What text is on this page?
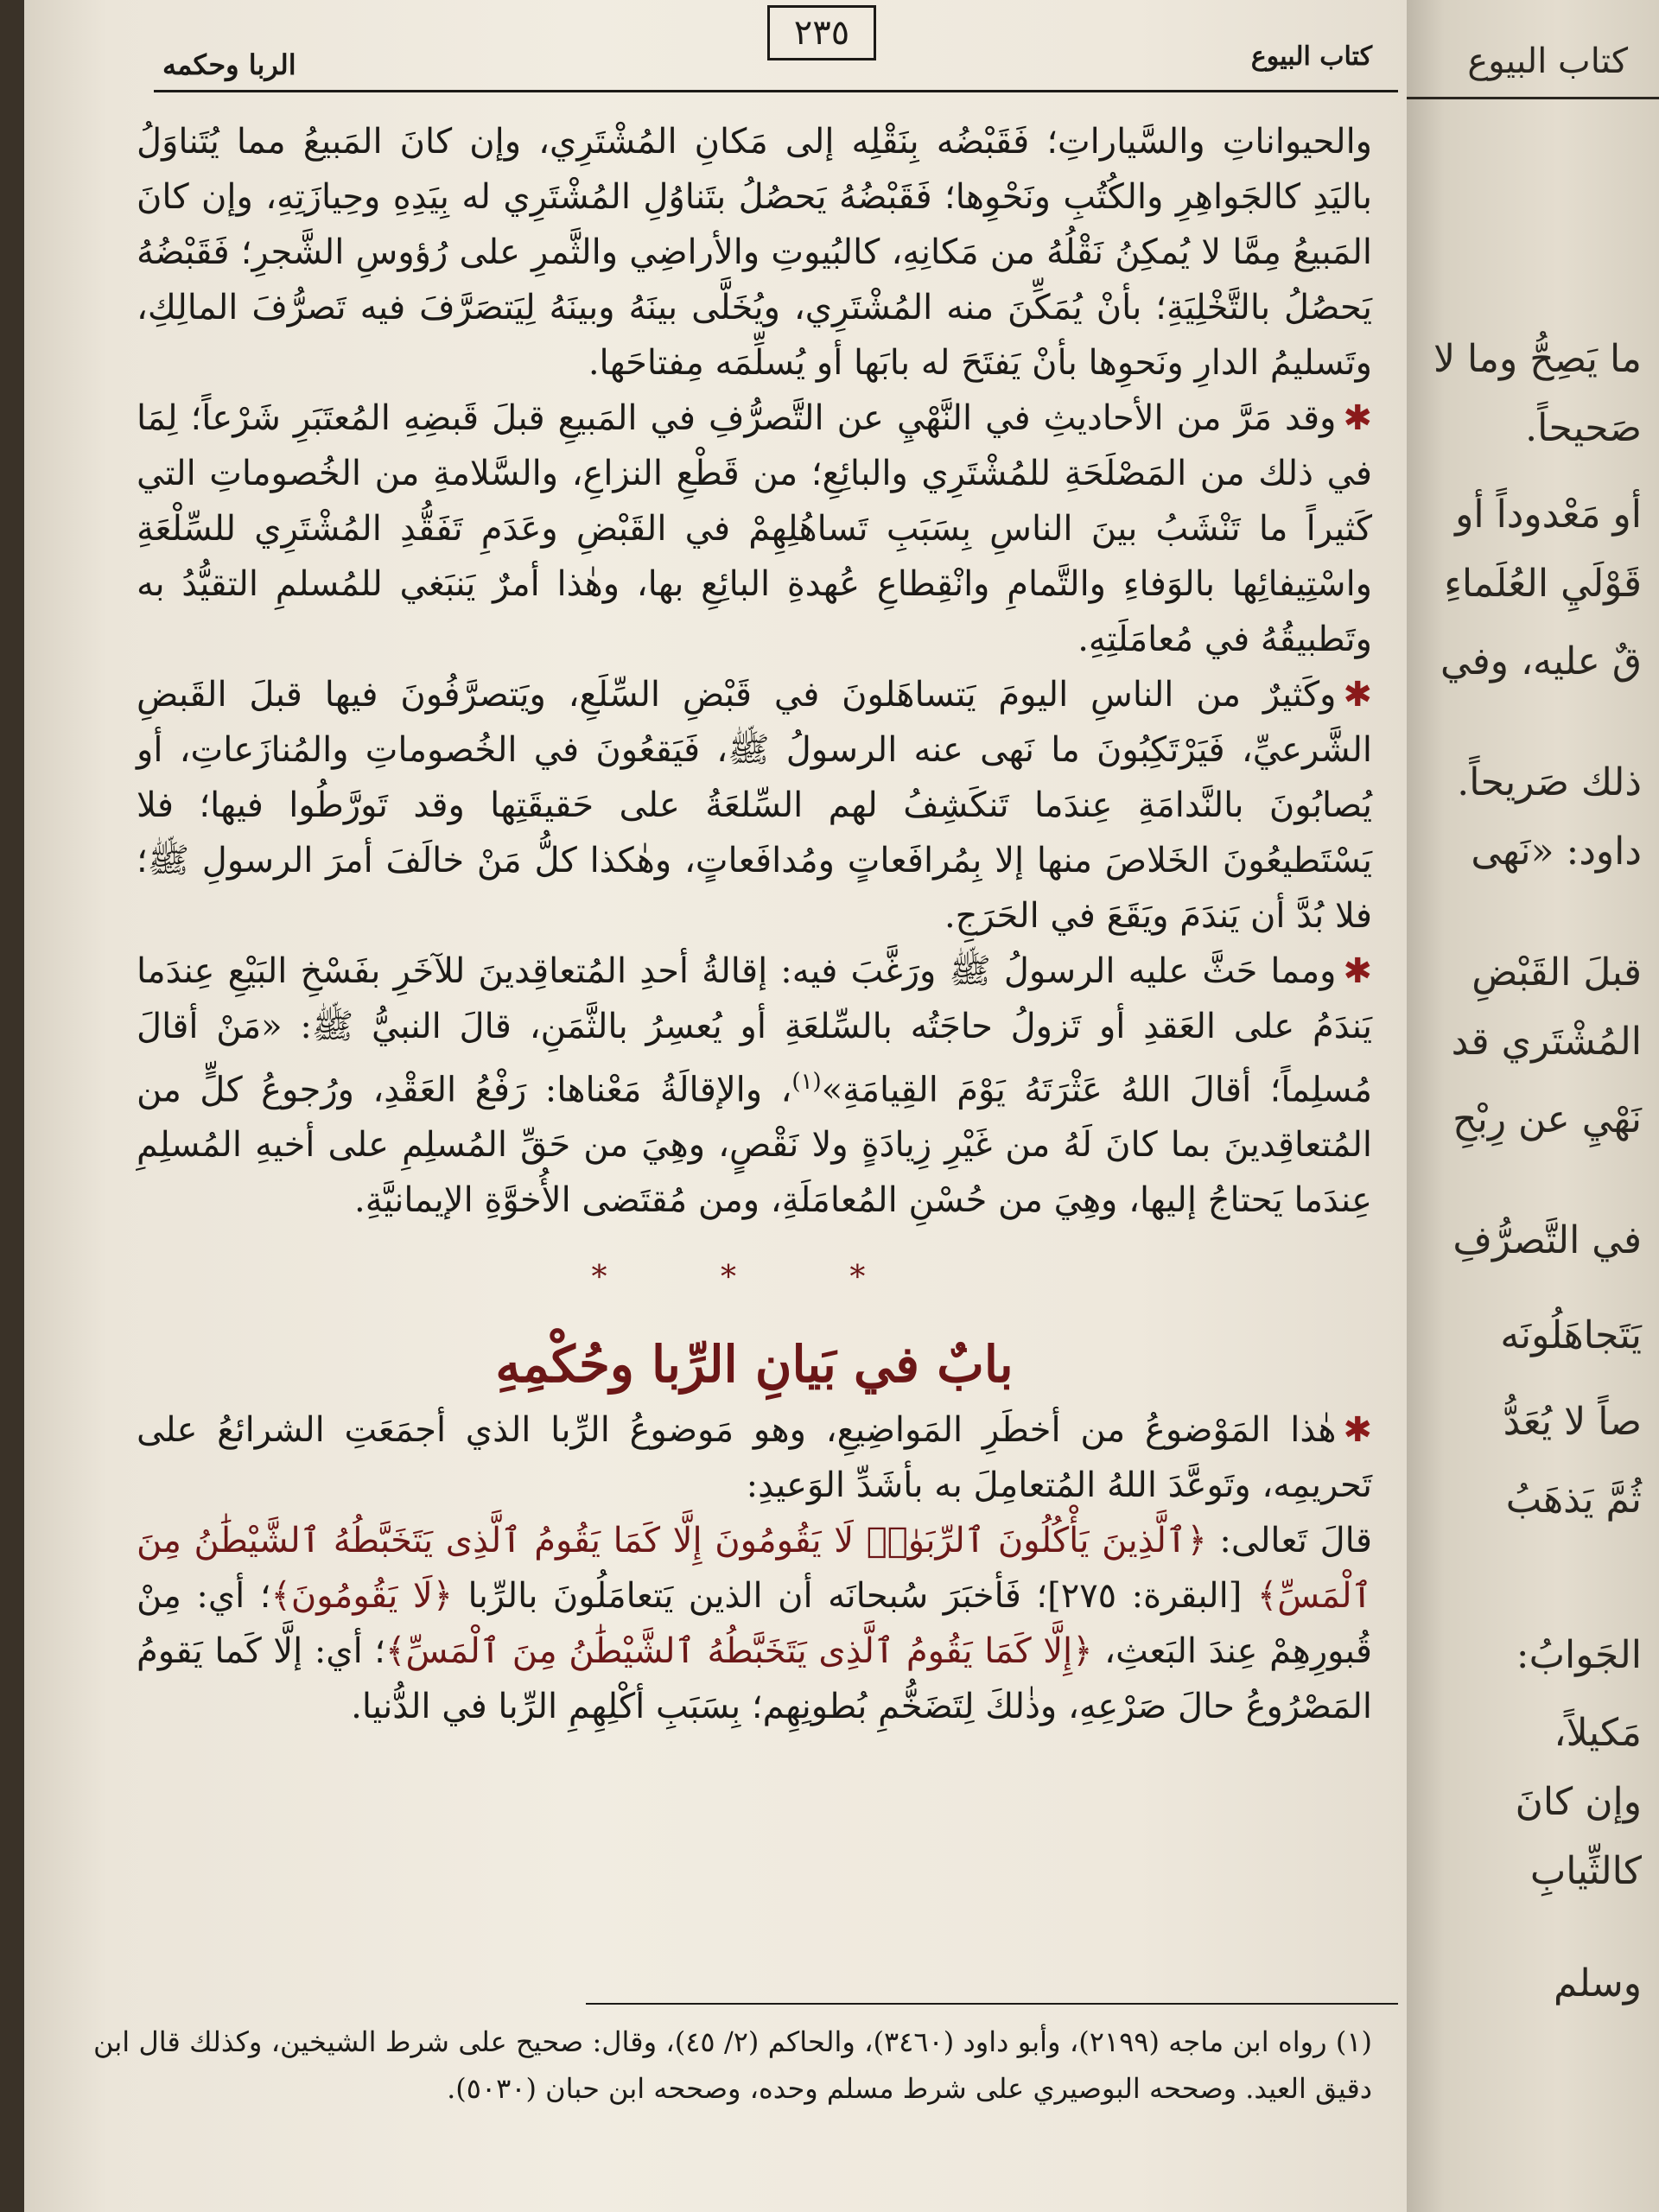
٢٣٥
كتاب البيوع
الربا وحكمه

والحيواناتِ والسَّياراتِ؛ فَقَبْضُه بِنَقْلِه إلى مَكانِ المُشْتَرِي، وإن كانَ المَبيعُ مما يُتَناوَلُ باليَدِ كالجَواهِرِ والكُتُبِ ونَحْوِها؛ فَقَبْضُهُ يَحصُلُ بتَناوُلِ المُشْتَرِي له بِيَدِهِ وحِيازَتِهِ، وإن كانَ المَبيعُ مِمَّا لا يُمكِنُ نَقْلُهُ من مَكانِهِ، كالبُيوتِ والأراضِي والثَّمرِ على رُؤوسِ الشَّجرِ؛ فَقَبْضُهُ يَحصُلُ بالتَّخْلِيَةِ؛ بأنْ يُمَكِّنَ منه المُشْتَرِي، ويُخَلَّى بينَهُ وبينَهُ لِيَتصَرَّفَ فيه تَصرُّفَ المالِكِ، وتَسليمُ الدارِ ونَحوِها بأنْ يَفتَحَ له بابَها أو يُسلِّمَه مِفتاحَها.

✱وقد مَرَّ من الأحاديثِ في النَّهْيِ عن التَّصرُّفِ في المَبيعِ قبلَ قَبضِهِ المُعتَبَرِ شَرْعاً؛ لِمَا في ذلك من المَصْلَحَةِ للمُشْتَرِي والبائِعِ؛ من قَطْعِ النزاعِ، والسَّلامةِ من الخُصوماتِ التي كَثيراً ما تَنْشَبُ بينَ الناسِ بِسَبَبِ تَساهُلِهِمْ في القَبْضِ وعَدَمِ تَفَقُّدِ المُشْتَرِي للسِّلْعَةِ واسْتِيفائِها بالوَفاءِ والتَّمامِ وانْقِطاعِ عُهدةِ البائِعِ بها، وهٰذا أمرٌ يَنبَغي للمُسلمِ التقيُّدُ به وتَطبيقُهُ في مُعامَلَتِهِ.

✱وكَثيرٌ من الناسِ اليومَ يَتساهَلونَ في قَبْضِ السِّلَعِ، ويَتصرَّفُونَ فيها قبلَ القَبضِ الشَّرعيِّ، فَيَرْتَكِبُونَ ما نَهى عنه الرسولُ ﷺ، فَيَقعُونَ في الخُصوماتِ والمُنازَعاتِ، أو يُصابُونَ بالنَّدامَةِ عِندَما تَنكَشِفُ لهم السِّلعَةُ على حَقيقَتِها وقد تَورَّطُوا فيها؛ فلا يَسْتَطيعُونَ الخَلاصَ منها إلا بِمُرافَعاتٍ ومُدافَعاتٍ، وهٰكذا كلُّ مَنْ خالَفَ أمرَ الرسولِ ﷺ؛ فلا بُدَّ أن يَندَمَ ويَقَعَ في الحَرَجِ.

✱ومما حَثَّ عليه الرسولُ ﷺ ورَغَّبَ فيه: إقالةُ أحدِ المُتعاقِدينَ للآخَرِ بفَسْخِ البَيْعِ عِندَما يَندَمُ على العَقدِ أو تَزولُ حاجَتُه بالسِّلعَةِ أو يُعسِرُ بالثَّمَنِ، قالَ النبيُّ ﷺ: «مَنْ أقالَ مُسلِماً؛ أقالَ اللهُ عَثْرَتَهُ يَوْمَ القِيامَةِ»$^{(١)}$، والإقالَةُ مَعْناها: رَفْعُ العَقْدِ، ورُجوعُ كلٍّ من المُتعاقِدينَ بما كانَ لَهُ من غَيْرِ زِيادَةٍ ولا نَقْصٍ، وهِيَ من حَقِّ المُسلِمِ على أخيهِ المُسلِمِ عِندَما يَحتاجُ إليها، وهِيَ من حُسْنِ المُعامَلَةِ، ومن مُقتَضى الأُخوَّةِ الإيمانيَّةِ.

* * *
بابٌ في بَيانِ الرِّبا وحُكْمِهِ

✱هٰذا المَوْضوعُ من أخطَرِ المَواضِيعِ، وهو مَوضوعُ الرِّبا الذي أجمَعَتِ الشرائعُ على تَحريمِه، وتَوعَّدَ اللهُ المُتعامِلَ به بأشَدِّ الوَعيدِ:

قالَ تَعالى: ﴿ٱلَّذِينَ يَأْكُلُونَ ٱلرِّبَوٰا۟ لَا يَقُومُونَ إِلَّا كَمَا يَقُومُ ٱلَّذِى يَتَخَبَّطُهُ ٱلشَّيْطَٰنُ مِنَ ٱلْمَسِّ﴾ [البقرة: ٢٧٥]؛ فَأخبَرَ سُبحانَه أن الذين يَتعامَلُونَ بالرِّبا ﴿لَا يَقُومُونَ﴾؛ أي: مِنْ قُبورِهِمْ عِندَ البَعثِ، ﴿إِلَّا كَمَا يَقُومُ ٱلَّذِى يَتَخَبَّطُهُ ٱلشَّيْطَٰنُ مِنَ ٱلْمَسِّ﴾؛ أي: إلَّا كَما يَقومُ المَصْرُوعُ حالَ صَرْعِهِ، وذٰلكَ لِتَضَخُّمِ بُطونِهِم؛ بِسَبَبِ أكْلِهِمِ الرِّبا في الدُّنيا.

(١) رواه ابن ماجه (٢١٩٩)، وأبو داود (٣٤٦٠)، والحاكم (٢/ ٤٥)، وقال: صحيح على شرط الشيخين، وكذلك قال ابن دقيق العيد. وصححه البوصيري على شرط مسلم وحده، وصححه ابن حبان (٥٠٣٠).

كتاب البيوع
ما يَصِحُّ وما لا
صَحيحاً.
أو مَعْدوداً أو
قَوْلَيِ العُلَماءِ
قٌ عليه، وفي
ذلك صَريحاً.
داود: «نَهى
قبلَ القَبْضِ
المُشْتَري قد
نَهْيِ عن رِبْحِ
في التَّصرُّفِ
يَتَجاهَلُونَه
صاً لا يُعَدُّ
ثُمَّ يَذهَبُ
الجَوابُ:
مَكيلاً،
وإن كانَ
كالثِّيابِ
وسلم
